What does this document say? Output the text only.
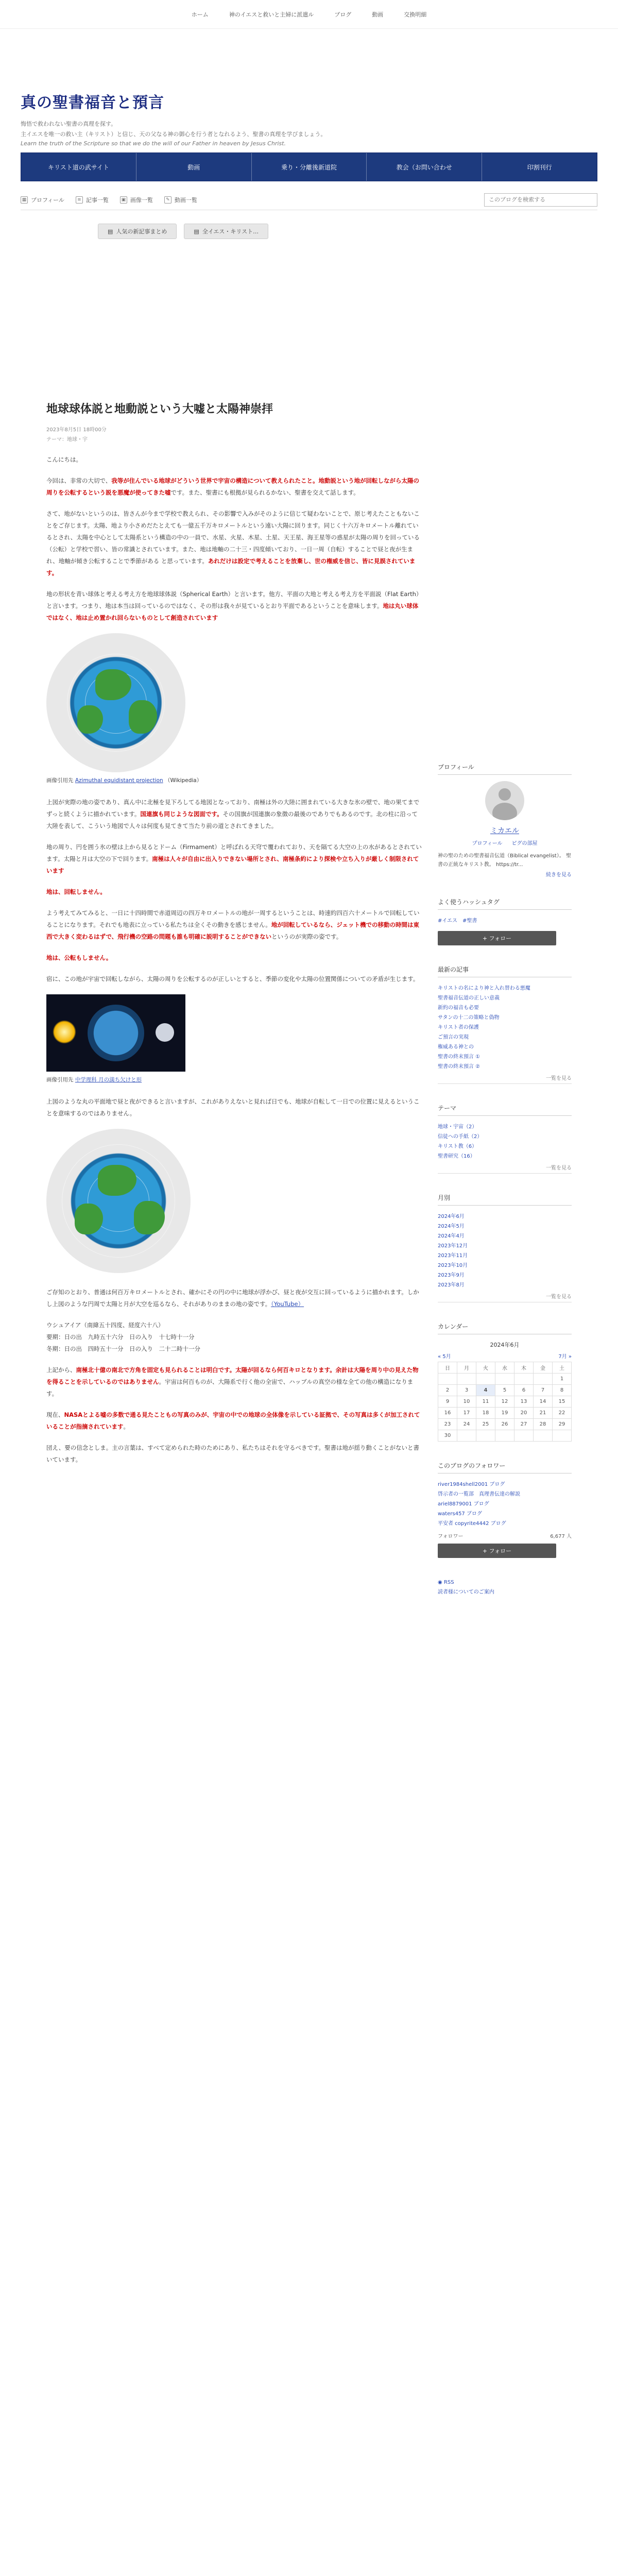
ホーム	神のイエスと救いと主婦に派遣ル	ブログ	動画	交換明細
真の聖書福音と預言
悔悟で救われない聖書の真理を探す。
主イエスを唯一の救い主（キリスト）と信じ、天の父なる神の御心を行う者となれるよう、聖書の真理を学びましょう。
Learn the truth of the Scripture so that we do the will of our Father in heaven by Jesus Christ.
キリスト道の武サイト	動画	乗り・分離後新道院	教会（お問い合わせ	印割刊行
▦ プロフィール	≡ 記事一覧	▣ 画像一覧	✎ 動画一覧
このブログを検索する
▤ 人気の新記事まとめ	▤ 全イエス・キリスト…
地球球体説と地動説という大嘘と太陽神崇拝
2023年8月5日 18時00分
テーマ：地球・宇

こんにちは。

今回は、非常の大切で、我等が住んでいる地球がどういう世界で宇宙の構造について教えられたこと。地動説という地が回転しながら太陽の周りを公転するという説を悪魔が使ってきた嘘です。また、聖書にも根拠が見られるかない、聖書を交えて話します。

さて、地がないというのは、皆さんが今まで学校で教えられ、その影響で入みがそのように信じて疑わないことで、原じ考えたこともないことをご存じます。太陽、地より小さめだたとえても一億五千万キロメートルという遠い大陽に回ります。同じく十六万キロメートル離れているとされ、太陽を中心として太陽系という構造の中の一員で、水星、火星、木星、土星、天王星、海王星等の惑星が太陽の周りを回っている（公転）と学校で習い、皆の常識とされています。また、地は地軸の二十三・四度傾いており、一日一周（自転）することで昼と夜が生まれ、地軸が傾き公転することで季節がある と思っています。あれだけは設定で考えることを放棄し、世の権威を信じ、皆に見誤されています。

地の形状を青い球体と考える考え方を地球球体説（Spherical Earth）と言います。他方、平面の大地と考える考え方を平面説（Flat Earth）と言います。つまり、地は本当は回っているのではなく、その形は我々が見ているとおり平面であるということを意味します。地は丸い球体ではなく、地は止め置かれ回らないものとして創造されています

画像引用先 Azimuthal equidistant projection （Wikipedia）

上図が実際の地の姿であり、真ん中に北極を見下ろしてる地図となっており、南極は外の大陸に囲まれている大きな氷の壁で、地の果てまでずっと続くように描かれています。国連旗も同じような図面です。その国旗が国連旗の象徴の最後のでありでもあるのです。北の柱に沿って大陸を表して、こういう地図で人々は何度も見てきて当たり前の道とされてきました。

地の周り、円を囲う氷の壁は上から見るとドーム（Firmament）と呼ばれる天穹で覆われており、天を隔てる大空の上の水があるとされています。太陽と月は大空の下で回ります。南極は人々が自由に出入りできない場所とされ、南極条約により探検や立ち入りが厳しく制限されています

地は、回転しません。

よう考えてみてみると、一日に十四時間で赤道周辺の四万キロメートルの地が一周するということは、時速約四百六十メートルで回転していることになります。それでも地表に立っている私たちは全くその動きを感じません。地が回転しているなら、ジェット機での移動の時間は東西で大きく変わるはずで、飛行機の空路の問題も誰も明確に説明することができないというのが実際の姿です。

地は、公転もしません。

宿に、この地が宇宙で回転しながら、太陽の周りを公転するのが正しいとすると、季節の変化や太陽の位置関係についての矛盾が生じます。

画像引用先 中学理科 月の満ち欠けと形

上図のような丸の平面地で昼と夜ができると言いますが、これがありえないと見れば日でも、地球が自転して一日での位置に見えるということを意味するのではありません。

ご存知のとおり、普通は何百万キロメートルとされ、確かにその円の中に地球が浮かび、昼と夜が交互に回っているように描かれます。しかし上図のような円周で太陽と月が大空を巡るなら、それがありのままの地の姿です。（YouTube）

ウシュアイア（南緯五十四度、経度六十八）
要期：日の出　九時五十六分　日の入り　十七時十一分
冬期：日の出　四時五十一分　日の入り　二十二時十一分

上記から、南極北十億の南北で方角を固定も見られることは明白です。太陽が回るなら何百キロとなります。余計は大陽を周り中の見えた物を得ることを示しているのではありません。宇宙は何百ものが、大陽系で行く他の全宙で、ハッブルの真空の様な全ての他の構造になります。

現在、NASAとよる嘘の多数で通る見たこともの写真のみが、宇宙の中での地球の全体像を示している証拠で、その写真は多くが加工されていることが指摘されています。

団え、要の信念としま。主の言葉は、すべて定められた時のためにあり、私たちはそれを守るべきです。聖書は地が揺り動くことがないと書いています。

プロフィール
ミカエル
プロフィール ピグの部屋
神の聖のための聖書福音伝道（Biblical evangelist）。 聖書の正統なキリスト教。 https://tr...
続きを見る
よく使うハッシュタグ
#イエス #聖書
+ フォロー
最新の記事
キリストの名により神と入れ替わる悪魔
聖書福音伝道の正しい意義
新約の福音も必要
サタンの十二の策略と偽物
キリスト者の保護
ご預言の実現
権威ある神との
聖書の終末預言 ①
聖書の終末預言 ②
一覧を見る
テーマ
地球・宇宙（2）
信徒への手紙（2）
キリスト教（6）
聖書研究（16）
一覧を見る
月別
2024年6月
2024年5月
2024年4月
2023年12月
2023年11月
2023年10月
2023年9月
2023年8月
一覧を見る
カレンダー
2024年6月
« 5月	7月 »
日	月	火	水	木	金	土
						1
2	3	4	5	6	7	8
9	10	11	12	13	14	15
16	17	18	19	20	21	22
23	24	25	26	27	28	29
30						
このブログのフォロワー
river1984shell2001 ブログ
啓示者の一覧部　真理書伝達の解説
ariel8879001 ブログ
waters457 ブログ
平安者 copyrite4442 ブログ
フォロワー	6,677 人
+ フォロー
◉ RSS
読者様についてのご案内
